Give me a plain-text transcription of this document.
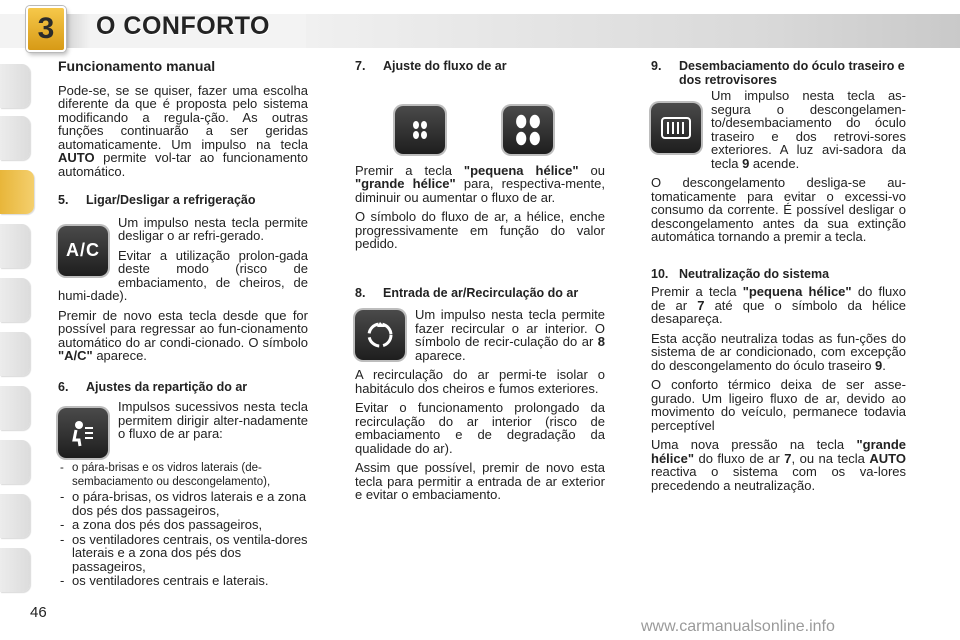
3	O CONFORTO
Funcionamento manual

Pode-se, se se quiser, fazer uma escolha diferente da que é proposta pelo sistema modificando a regula-ção. As outras funções continuarão a ser geridas automaticamente. Um impulso na tecla AUTO permite vol-tar ao funcionamento automático.

5.	Ligar/Desligar a refrigeração
A/C

Um impulso nesta tecla permite desligar o ar refri-gerado.

Evitar a utilização prolon-gada deste modo (risco de embaciamento, de cheiros, de humi-dade).

Premir de novo esta tecla desde que for possível para regressar ao fun-cionamento automático do ar condi-cionado. O símbolo "A/C" aparece.

6.	Ajustes da repartição do ar

Impulsos sucessivos nesta tecla permitem dirigir alter-nadamente o fluxo de ar para:

- o pára-brisas e os vidros laterais (de-sembaciamento ou descongelamento),
- o pára-brisas, os vidros laterais e a zona dos pés dos passageiros,
- a zona dos pés dos passageiros,
- os ventiladores centrais, os ventila-dores laterais e a zona dos pés dos passageiros,
- os ventiladores centrais e laterais.
7.	Ajuste do fluxo de ar

Premir a tecla "pequena hélice" ou "grande hélice" para, respectiva-mente, diminuir ou aumentar o fluxo de ar.

O símbolo do fluxo de ar, a hélice, enche progressivamente em função do valor pedido.

8.	Entrada de ar/Recirculação do ar

Um impulso nesta tecla permite fazer recircular o ar interior. O símbolo de recir-culação do ar 8 aparece.

A recirculação do ar permi-te isolar o habitáculo dos cheiros e fumos exteriores.

Evitar o funcionamento prolongado da recirculação do ar interior (risco de embaciamento e de degradação da qualidade do ar).

Assim que possível, premir de novo esta tecla para permitir a entrada de ar exterior e evitar o embaciamento.

9.	Desembaciamento do óculo traseiro e dos retrovisores

Um impulso nesta tecla as-segura o descongelamen-to/desembaciamento do óculo traseiro e dos retrovi-sores exteriores. A luz avi-sadora da tecla 9 acende.

O descongelamento desliga-se au-tomaticamente para evitar o excessi-vo consumo da corrente. É possível desligar o descongelamento antes da sua extinção automática tornando a premir a tecla.

10. Neutralização do sistema

Premir a tecla "pequena hélice" do fluxo de ar 7 até que o símbolo da hélice desapareça.

Esta acção neutraliza todas as fun-ções do sistema de ar condicionado, com excepção do descongelamento do óculo traseiro 9.

O conforto térmico deixa de ser asse-gurado. Um ligeiro fluxo de ar, devido ao movimento do veículo, permanece todavia perceptível

Uma nova pressão na tecla "grande hélice" do fluxo de ar 7, ou na tecla AUTO reactiva o sistema com os va-lores precedendo a neutralização.

46
www.carmanualsonline.info
